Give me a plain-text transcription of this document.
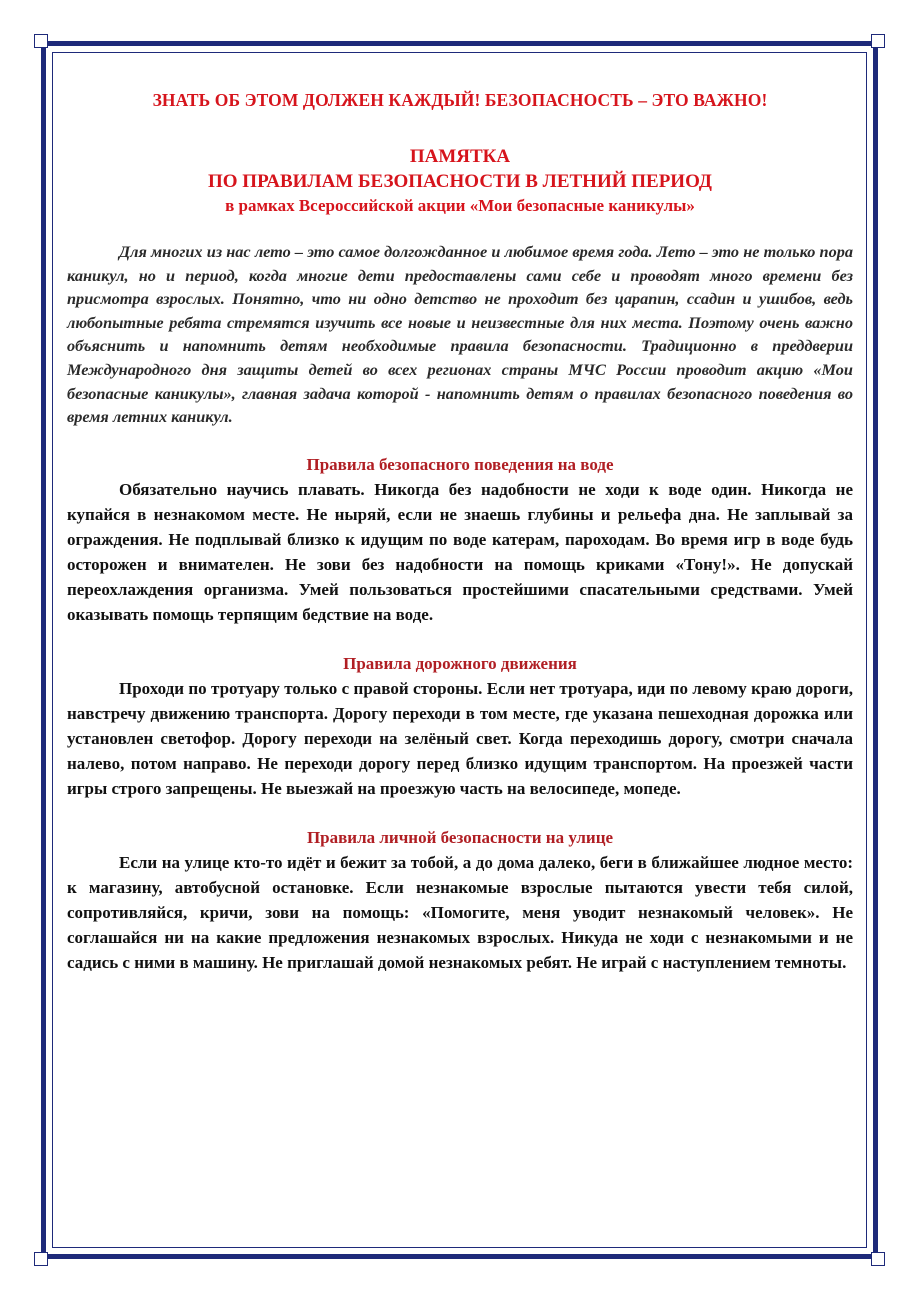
ЗНАТЬ ОБ ЭТОМ ДОЛЖЕН КАЖДЫЙ! БЕЗОПАСНОСТЬ – ЭТО ВАЖНО!

ПАМЯТКА

ПО ПРАВИЛАМ БЕЗОПАСНОСТИ В ЛЕТНИЙ ПЕРИОД

в рамках Всероссийской акции «Мои безопасные каникулы»

Для многих из нас лето – это самое долгожданное и любимое время года. Лето – это не только пора каникул, но и период, когда многие дети предоставлены сами себе и проводят много времени без присмотра взрослых. Понятно, что ни одно детство не проходит без царапин, ссадин и ушибов, ведь любопытные ребята стремятся изучить все новые и неизвестные для них места. Поэтому очень важно объяснить и напомнить детям необходимые правила безопасности. Традиционно в преддверии Международного дня защиты детей во всех регионах страны МЧС России проводит акцию «Мои безопасные каникулы», главная задача которой - напомнить детям о правилах безопасного поведения во время летних каникул.

Правила безопасного поведения на воде

Обязательно научись плавать. Никогда без надобности не ходи к воде один. Никогда не купайся в незнакомом месте. Не ныряй, если не знаешь глубины и рельефа дна. Не заплывай за ограждения. Не подплывай близко к идущим по воде катерам, пароходам. Во время игр в воде будь осторожен и внимателен. Не зови без надобности на помощь криками «Тону!». Не допускай переохлаждения организма. Умей пользоваться простейшими спасательными средствами. Умей оказывать помощь терпящим бедствие на воде.

Правила дорожного движения

Проходи по тротуару только с правой стороны. Если нет тротуара, иди по левому краю дороги, навстречу движению транспорта. Дорогу переходи в том месте, где указана пешеходная дорожка или установлен светофор. Дорогу переходи на зелёный свет. Когда переходишь дорогу, смотри сначала налево, потом направо. Не переходи дорогу перед близко идущим транспортом. На проезжей части игры строго запрещены. Не выезжай на проезжую часть на велосипеде, мопеде.

Правила личной безопасности на улице

Если на улице кто-то идёт и бежит за тобой, а до дома далеко, беги в ближайшее людное место: к магазину, автобусной остановке. Если незнакомые взрослые пытаются увести тебя силой, сопротивляйся, кричи, зови на помощь: «Помогите, меня уводит незнакомый человек». Не соглашайся ни на какие предложения незнакомых взрослых. Никуда не ходи с незнакомыми и не садись с ними в машину. Не приглашай домой незнакомых ребят. Не играй с наступлением темноты.
